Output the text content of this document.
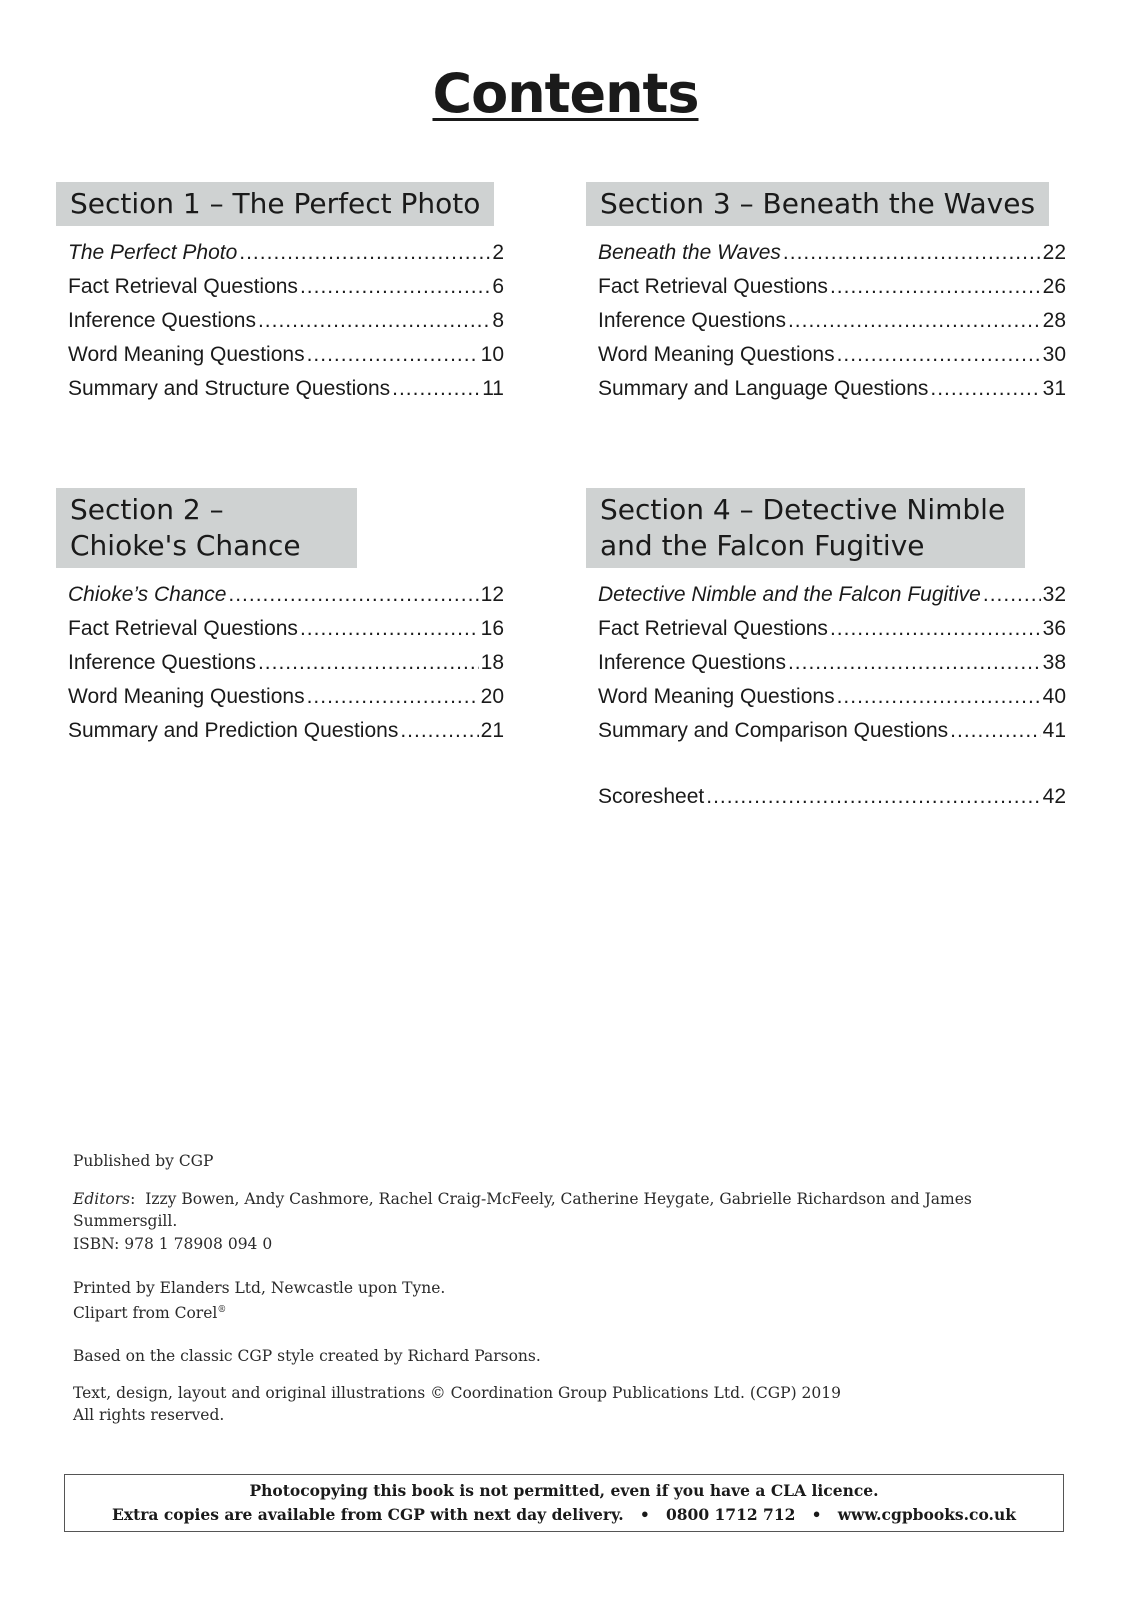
Contents
Section 1 – The Perfect Photo
The Perfect Photo .....	2
Fact Retrieval Questions .....	6
Inference Questions .....	8
Word Meaning Questions .....	10
Summary and Structure Questions .....	11
Section 2 –
Chioke's Chance
Chioke’s Chance .....	12
Fact Retrieval Questions .....	16
Inference Questions .....	18
Word Meaning Questions .....	20
Summary and Prediction Questions .....	21
Section 3 – Beneath the Waves
Beneath the Waves .....	22
Fact Retrieval Questions .....	26
Inference Questions .....	28
Word Meaning Questions .....	30
Summary and Language Questions .....	31
Section 4 – Detective Nimble
and the Falcon Fugitive
Detective Nimble and the Falcon Fugitive .....	32
Fact Retrieval Questions .....	36
Inference Questions .....	38
Word Meaning Questions .....	40
Summary and Comparison Questions .....	41
Scoresheet .....	42
Published by CGP
Editors:  Izzy Bowen, Andy Cashmore, Rachel Craig-McFeely, Catherine Heygate, Gabrielle Richardson and James Summersgill.
ISBN: 978 1 78908 094 0
Printed by Elanders Ltd, Newcastle upon Tyne.
Clipart from Corel®
Based on the classic CGP style created by Richard Parsons.
Text, design, layout and original illustrations © Coordination Group Publications Ltd. (CGP) 2019
All rights reserved.
Photocopying this book is not permitted, even if you have a CLA licence.
Extra copies are available from CGP with next day delivery.   •   0800 1712 712   •   www.cgpbooks.co.uk
